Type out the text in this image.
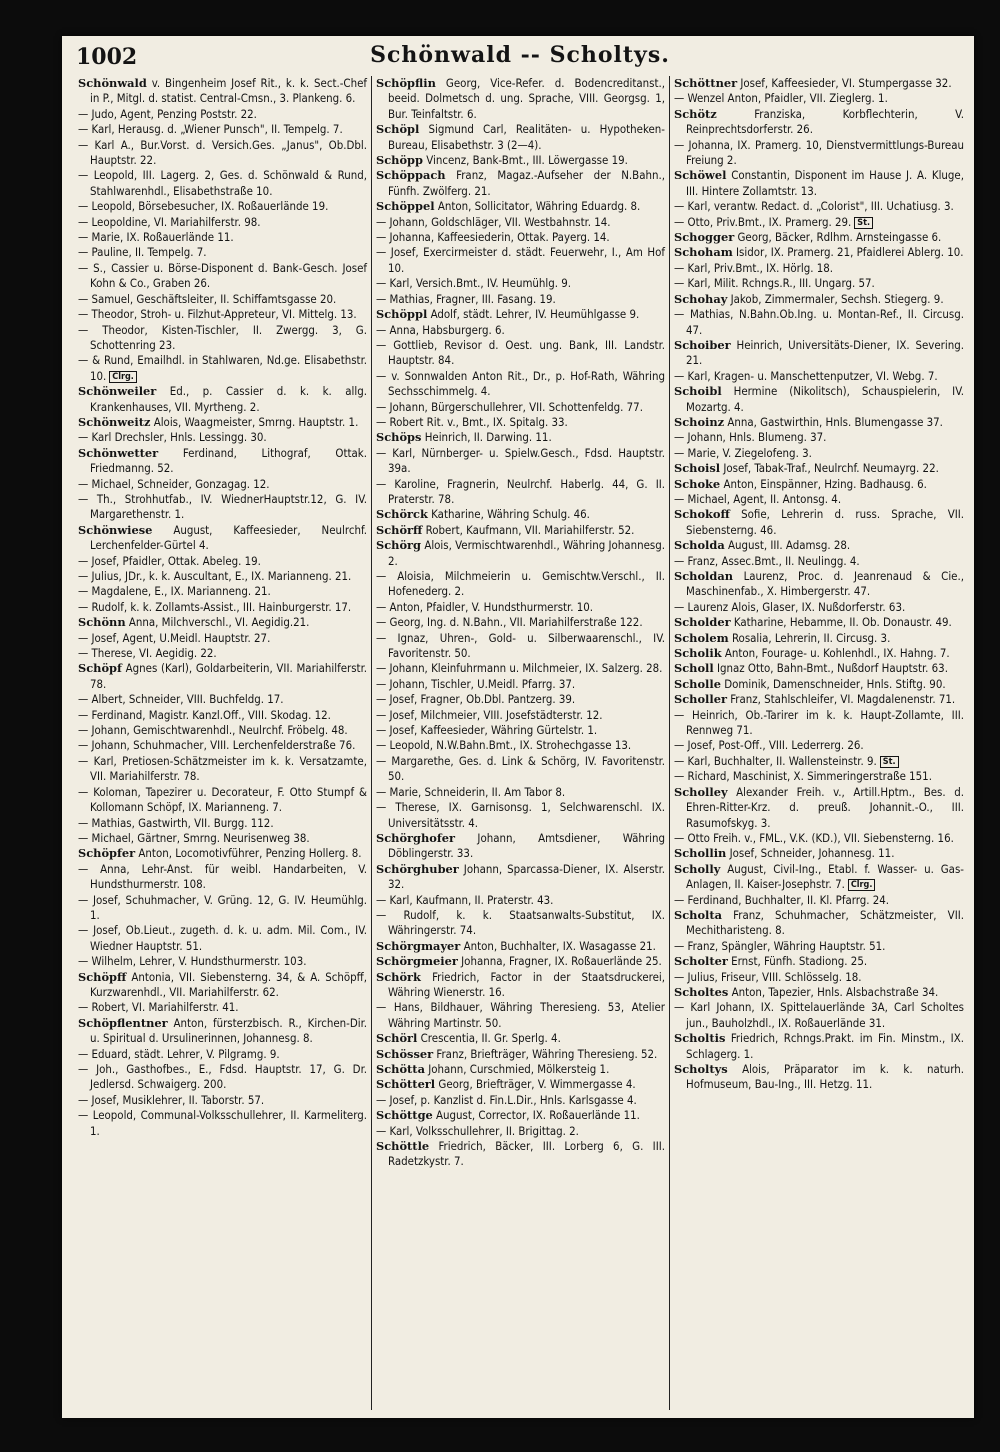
1002	Schönwald -- Scholtys.

Schönwald v. Bingenheim Josef Rit., k. k. Sect.-Chef in P., Mitgl. d. statist. Central-Cmsn., 3. Plankeng. 6.

— Judo, Agent, Penzing Poststr. 22.

— Karl, Herausg. d. „Wiener Punsch", II. Tempelg. 7.

— Karl A., Bur.Vorst. d. Versich.Ges. „Janus", Ob.Dbl. Hauptstr. 22.

— Leopold, III. Lagerg. 2, Ges. d. Schönwald & Rund, Stahlwarenhdl., Elisabethstraße 10.

— Leopold, Börsebesucher, IX. Roßauerlände 19.

— Leopoldine, VI. Mariahilferstr. 98.

— Marie, IX. Roßauerlände 11.

— Pauline, II. Tempelg. 7.

— S., Cassier u. Börse-Disponent d. Bank-Gesch. Josef Kohn & Co., Graben 26.

— Samuel, Geschäftsleiter, II. Schiffamtsgasse 20.

— Theodor, Stroh- u. Filzhut-Appreteur, VI. Mittelg. 13.

— Theodor, Kisten-Tischler, II. Zwergg. 3, G. Schottenring 23.

— & Rund, Emailhdl. in Stahlwaren, Nd.ge. Elisabethstr. 10. Clrg.

Schönweiler Ed., p. Cassier d. k. k. allg. Krankenhauses, VII. Myrtheng. 2.

Schönweitz Alois, Waagmeister, Smrng. Hauptstr. 1.

— Karl Drechsler, Hnls. Lessingg. 30.

Schönwetter Ferdinand, Lithograf, Ottak. Friedmanng. 52.

— Michael, Schneider, Gonzagag. 12.

— Th., Strohhutfab., IV. WiednerHauptstr.12, G. IV. Margarethenstr. 1.

Schönwiese August, Kaffeesieder, Neulrchf. Lerchenfelder-Gürtel 4.

— Josef, Pfaidler, Ottak. Abeleg. 19.

— Julius, JDr., k. k. Auscultant, E., IX. Marianneng. 21.

— Magdalene, E., IX. Marianneng. 21.

— Rudolf, k. k. Zollamts-Assist., III. Hainburgerstr. 17.

Schönn Anna, Milchverschl., VI. Aegidig.21.

— Josef, Agent, U.Meidl. Hauptstr. 27.

— Therese, VI. Aegidig. 22.

Schöpf Agnes (Karl), Goldarbeiterin, VII. Mariahilferstr. 78.

— Albert, Schneider, VIII. Buchfeldg. 17.

— Ferdinand, Magistr. Kanzl.Off., VIII. Skodag. 12.

— Johann, Gemischtwarenhdl., Neulrchf. Fröbelg. 48.

— Johann, Schuhmacher, VIII. Lerchenfelderstraße 76.

— Karl, Pretiosen-Schätzmeister im k. k. Versatzamte, VII. Mariahilferstr. 78.

— Koloman, Tapezirer u. Decorateur, F. Otto Stumpf & Kollomann Schöpf, IX. Marianneng. 7.

— Mathias, Gastwirth, VII. Burgg. 112.

— Michael, Gärtner, Smrng. Neurisenweg 38.

Schöpfer Anton, Locomotivführer, Penzing Hollerg. 8.

— Anna, Lehr-Anst. für weibl. Handarbeiten, V. Hundsthurmerstr. 108.

— Josef, Schuhmacher, V. Grüng. 12, G. IV. Heumühlg. 1.

— Josef, Ob.Lieut., zugeth. d. k. u. adm. Mil. Com., IV. Wiedner Hauptstr. 51.

— Wilhelm, Lehrer, V. Hundsthurmerstr. 103.

Schöpff Antonia, VII. Siebensterng. 34, & A. Schöpff, Kurzwarenhdl., VII. Mariahilferstr. 62.

— Robert, VI. Mariahilferstr. 41.

Schöpflentner Anton, fürsterzbisch. R., Kirchen-Dir. u. Spiritual d. Ursulinerinnen, Johannesg. 8.

— Eduard, städt. Lehrer, V. Pilgramg. 9.

— Joh., Gasthofbes., E., Fdsd. Hauptstr. 17, G. Dr. Jedlersd. Schwaigerg. 200.

— Josef, Musiklehrer, II. Taborstr. 57.

— Leopold, Communal-Volksschullehrer, II. Karmeliterg. 1.

Schöpflin Georg, Vice-Refer. d. Bodencreditanst., beeid. Dolmetsch d. ung. Sprache, VIII. Georgsg. 1, Bur. Teinfaltstr. 6.

Schöpl Sigmund Carl, Realitäten- u. Hypotheken-Bureau, Elisabethstr. 3 (2—4).

Schöpp Vincenz, Bank-Bmt., III. Löwergasse 19.

Schöppach Franz, Magaz.-Aufseher der N.Bahn., Fünfh. Zwölferg. 21.

Schöppel Anton, Sollicitator, Währing Eduardg. 8.

— Johann, Goldschläger, VII. Westbahnstr. 14.

— Johanna, Kaffeesiederin, Ottak. Payerg. 14.

— Josef, Exercirmeister d. städt. Feuerwehr, I., Am Hof 10.

— Karl, Versich.Bmt., IV. Heumühlg. 9.

— Mathias, Fragner, III. Fasang. 19.

Schöppl Adolf, städt. Lehrer, IV. Heumühlgasse 9.

— Anna, Habsburgerg. 6.

— Gottlieb, Revisor d. Oest. ung. Bank, III. Landstr. Hauptstr. 84.

— v. Sonnwalden Anton Rit., Dr., p. Hof-Rath, Währing Sechsschimmelg. 4.

— Johann, Bürgerschullehrer, VII. Schottenfeldg. 77.

— Robert Rit. v., Bmt., IX. Spitalg. 33.

Schöps Heinrich, II. Darwing. 11.

— Karl, Nürnberger- u. Spielw.Gesch., Fdsd. Hauptstr. 39a.

— Karoline, Fragnerin, Neulrchf. Haberlg. 44, G. II. Praterstr. 78.

Schörck Katharine, Währing Schulg. 46.

Schörff Robert, Kaufmann, VII. Mariahilferstr. 52.

Schörg Alois, Vermischtwarenhdl., Währing Johannesg. 2.

— Aloisia, Milchmeierin u. Gemischtw.Verschl., II. Hofenederg. 2.

— Anton, Pfaidler, V. Hundsthurmerstr. 10.

— Georg, Ing. d. N.Bahn., VII. Mariahilferstraße 122.

— Ignaz, Uhren-, Gold- u. Silberwaarenschl., IV. Favoritenstr. 50.

— Johann, Kleinfuhrmann u. Milchmeier, IX. Salzerg. 28.

— Johann, Tischler, U.Meidl. Pfarrg. 37.

— Josef, Fragner, Ob.Dbl. Pantzerg. 39.

— Josef, Milchmeier, VIII. Josefstädterstr. 12.

— Josef, Kaffeesieder, Währing Gürtelstr. 1.

— Leopold, N.W.Bahn.Bmt., IX. Strohechgasse 13.

— Margarethe, Ges. d. Link & Schörg, IV. Favoritenstr. 50.

— Marie, Schneiderin, II. Am Tabor 8.

— Therese, IX. Garnisonsg. 1, Selchwarenschl. IX. Universitätsstr. 4.

Schörghofer Johann, Amtsdiener, Währing Döblingerstr. 33.

Schörghuber Johann, Sparcassa-Diener, IX. Alserstr. 32.

— Karl, Kaufmann, II. Praterstr. 43.

— Rudolf, k. k. Staatsanwalts-Substitut, IX. Währingerstr. 74.

Schörgmayer Anton, Buchhalter, IX. Wasagasse 21.

Schörgmeier Johanna, Fragner, IX. Roßauerlände 25.

Schörk Friedrich, Factor in der Staatsdruckerei, Währing Wienerstr. 16.

— Hans, Bildhauer, Währing Theresieng. 53, Atelier Währing Martinstr. 50.

Schörl Crescentia, II. Gr. Sperlg. 4.

Schösser Franz, Briefträger, Währing Theresieng. 52.

Schötta Johann, Curschmied, Mölkersteig 1.

Schötterl Georg, Briefträger, V. Wimmergasse 4.

— Josef, p. Kanzlist d. Fin.L.Dir., Hnls. Karlsgasse 4.

Schöttge August, Corrector, IX. Roßauerlände 11.

— Karl, Volksschullehrer, II. Brigittag. 2.

Schöttle Friedrich, Bäcker, III. Lorberg 6, G. III. Radetzkystr. 7.

Schöttner Josef, Kaffeesieder, VI. Stumpergasse 32.

— Wenzel Anton, Pfaidler, VII. Zieglerg. 1.

Schötz	Franziska, Korbflechterin, V. Reinprechtsdorferstr. 26.

— Johanna, IX. Pramerg. 10, Dienstvermittlungs-Bureau Freiung 2.

Schöwel Constantin, Disponent im Hause J. A. Kluge, III. Hintere Zollamtstr. 13.

— Karl, verantw. Redact. d. „Colorist", III. Uchatiusg. 3.

— Otto, Priv.Bmt., IX. Pramerg. 29. St.

Schogger Georg, Bäcker, Rdlhm. Arnsteingasse 6.

Schoham Isidor, IX. Pramerg. 21, Pfaidlerei Ablerg. 10.

— Karl, Priv.Bmt., IX. Hörlg. 18.

— Karl, Milit. Rchngs.R., III. Ungarg. 57.

Schohay Jakob, Zimmermaler, Sechsh. Stiegerg. 9.

— Mathias, N.Bahn.Ob.Ing. u. Montan-Ref., II. Circusg. 47.

Schoiber Heinrich, Universitäts-Diener, IX. Severing. 21.

— Karl, Kragen- u. Manschettenputzer, VI. Webg. 7.

Schoibl Hermine (Nikolitsch), Schauspielerin, IV. Mozartg. 4.

Schoinz Anna, Gastwirthin, Hnls. Blumengasse 37.

— Johann, Hnls. Blumeng. 37.

— Marie, V. Ziegelofeng. 3.

Schoisl Josef, Tabak-Traf., Neulrchf. Neumayrg. 22.

Schoke Anton, Einspänner, Hzing. Badhausg. 6.

— Michael, Agent, II. Antonsg. 4.

Schokoff Sofie, Lehrerin d. russ. Sprache, VII. Siebensterng. 46.

Scholda August, III. Adamsg. 28.

— Franz, Assec.Bmt., II. Neulingg. 4.

Scholdan Laurenz, Proc. d. Jeanrenaud & Cie., Maschinenfab., X. Himbergerstr. 47.

— Laurenz Alois, Glaser, IX. Nußdorferstr. 63.

Scholder Katharine, Hebamme, II. Ob. Donaustr. 49.

Scholem Rosalia, Lehrerin, II. Circusg. 3.

Scholik Anton, Fourage- u. Kohlenhdl., IX. Hahng. 7.

Scholl Ignaz Otto, Bahn-Bmt., Nußdorf Hauptstr. 63.

Scholle Dominik, Damenschneider, Hnls. Stiftg. 90.

Scholler Franz, Stahlschleifer, VI. Magdalenenstr. 71.

— Heinrich, Ob.-Tarirer im k. k. Haupt-Zollamte, III. Rennweg 71.

— Josef, Post-Off., VIII. Lederrerg. 26.

— Karl, Buchhalter, II. Wallensteinstr. 9. St.

— Richard, Maschinist, X. Simmeringerstraße 151.

Scholley Alexander Freih. v., Artill.Hptm., Bes. d. Ehren-Ritter-Krz. d. preuß. Johannit.-O., III. Rasumofskyg. 3.

— Otto Freih. v., FML., V.K. (KD.), VII. Siebensterng. 16.

Schollin Josef, Schneider, Johannesg. 11.

Scholly August, Civil-Ing., Etabl. f. Wasser- u. Gas-Anlagen, II. Kaiser-Josephstr. 7. Clrg.

— Ferdinand, Buchhalter, II. Kl. Pfarrg. 24.

Scholta Franz, Schuhmacher, Schätzmeister, VII. Mechitharisteng. 8.

— Franz, Spängler, Währing Hauptstr. 51.

Scholter Ernst, Fünfh. Stadiong. 25.

— Julius, Friseur, VIII. Schlösselg. 18.

Scholtes Anton, Tapezier, Hnls. Alsbachstraße 34.

— Karl Johann, IX. Spittelauerlände 3A, Carl Scholtes jun., Bauholzhdl., IX. Roßauerlände 31.

Scholtis Friedrich, Rchngs.Prakt. im Fin. Minstm., IX. Schlagerg. 1.

Scholtys Alois, Präparator im k. k. naturh. Hofmuseum, Bau-Ing., III. Hetzg. 11.
